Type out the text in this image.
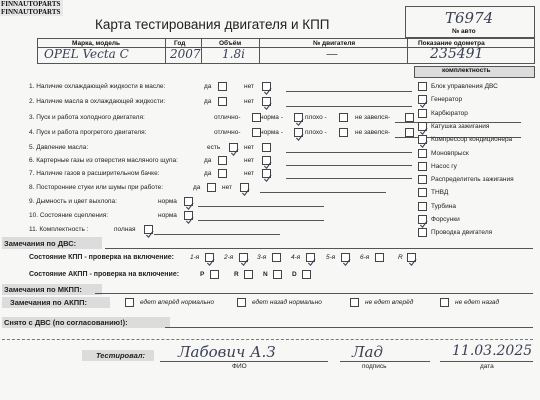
FINNAUTOPARTS
FINNAUTOPARTS
Карта тестирования двигателя и КПП	T6974
№ авто
Марка, модель	Год	Объём	№ двигателя	Показание одометра
OPEL Vecta C	2007 1.8i	—	235491
комплектность
1. Наличие охлаждающей жидкости в масле:	да	нет
2. Наличие масла в охлаждающей жидкости:	да	нет
3. Пуск и работа холодного двигателя:	отлично-	норма -	плохо -	не завелся-
4. Пуск и работа прогретого двигателя:	отлично-	норма -	плохо -	не завелся-
5. Давление масла:	есть	нет
6. Картерные газы из отверстия масляного щупа:	да	нет
7. Наличие газов в расширительном бачке:	да	нет
8. Посторонние стуки или шумы при работе:	да	нет
9. Дымность и цвет выхлопа:	норма
10. Состояние сцепления:	норма
11. Комплектность :	полная
Блок управления ДВС
Генератор
Карбюратор
Катушка зажигания
Компрессор кондиционера
Моновпрыск
Насос гу
Распределитель зажигания
ТНВД
Турбина
Форсунки
Проводка двигателя
Замечания по ДВС:
Состояние КПП - проверка на включение: 1-я	2-я	3-я	4-я	5-я	6-я	R
Состояние АКПП - проверка на включение:	P	R	N	D
Замечания по МКПП:
Замечания по АКПП:	едет вперёд нормально	едет назад нормально	не едет вперёд	не едет назад
Снято с ДВС (по согласованию!):
Тестировал: Лабович А.З
ФИО
Лад
подпись
11.03.2025
дата
